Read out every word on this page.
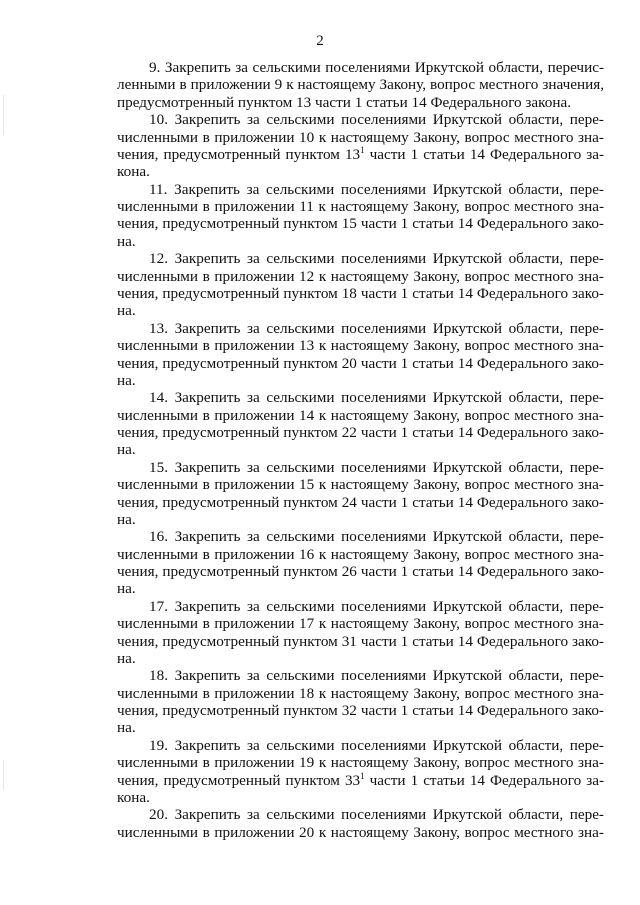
2
9. Закрепить за сельскими поселениями Иркутской области, перечис-
ленными в приложении 9 к настоящему Закону, вопрос местного значения,
предусмотренный пунктом 13 части 1 статьи 14 Федерального закона.
10. Закрепить за сельскими поселениями Иркутской области, пере-
численными в приложении 10 к настоящему Закону, вопрос местного зна-
чения, предусмотренный пунктом $13^1$ части 1 статьи 14 Федерального за-
кона.
11. Закрепить за сельскими поселениями Иркутской области, пере-
численными в приложении 11 к настоящему Закону, вопрос местного зна-
чения, предусмотренный пунктом 15 части 1 статьи 14 Федерального зако-
на.
12. Закрепить за сельскими поселениями Иркутской области, пере-
численными в приложении 12 к настоящему Закону, вопрос местного зна-
чения, предусмотренный пунктом 18 части 1 статьи 14 Федерального зако-
на.
13. Закрепить за сельскими поселениями Иркутской области, пере-
численными в приложении 13 к настоящему Закону, вопрос местного зна-
чения, предусмотренный пунктом 20 части 1 статьи 14 Федерального зако-
на.
14. Закрепить за сельскими поселениями Иркутской области, пере-
численными в приложении 14 к настоящему Закону, вопрос местного зна-
чения, предусмотренный пунктом 22 части 1 статьи 14 Федерального зако-
на.
15. Закрепить за сельскими поселениями Иркутской области, пере-
численными в приложении 15 к настоящему Закону, вопрос местного зна-
чения, предусмотренный пунктом 24 части 1 статьи 14 Федерального зако-
на.
16. Закрепить за сельскими поселениями Иркутской области, пере-
численными в приложении 16 к настоящему Закону, вопрос местного зна-
чения, предусмотренный пунктом 26 части 1 статьи 14 Федерального зако-
на.
17. Закрепить за сельскими поселениями Иркутской области, пере-
численными в приложении 17 к настоящему Закону, вопрос местного зна-
чения, предусмотренный пунктом 31 части 1 статьи 14 Федерального зако-
на.
18. Закрепить за сельскими поселениями Иркутской области, пере-
численными в приложении 18 к настоящему Закону, вопрос местного зна-
чения, предусмотренный пунктом 32 части 1 статьи 14 Федерального зако-
на.
19. Закрепить за сельскими поселениями Иркутской области, пере-
численными в приложении 19 к настоящему Закону, вопрос местного зна-
чения, предусмотренный пунктом $33^1$ части 1 статьи 14 Федерального за-
кона.
20. Закрепить за сельскими поселениями Иркутской области, пере-
численными в приложении 20 к настоящему Закону, вопрос местного зна-
